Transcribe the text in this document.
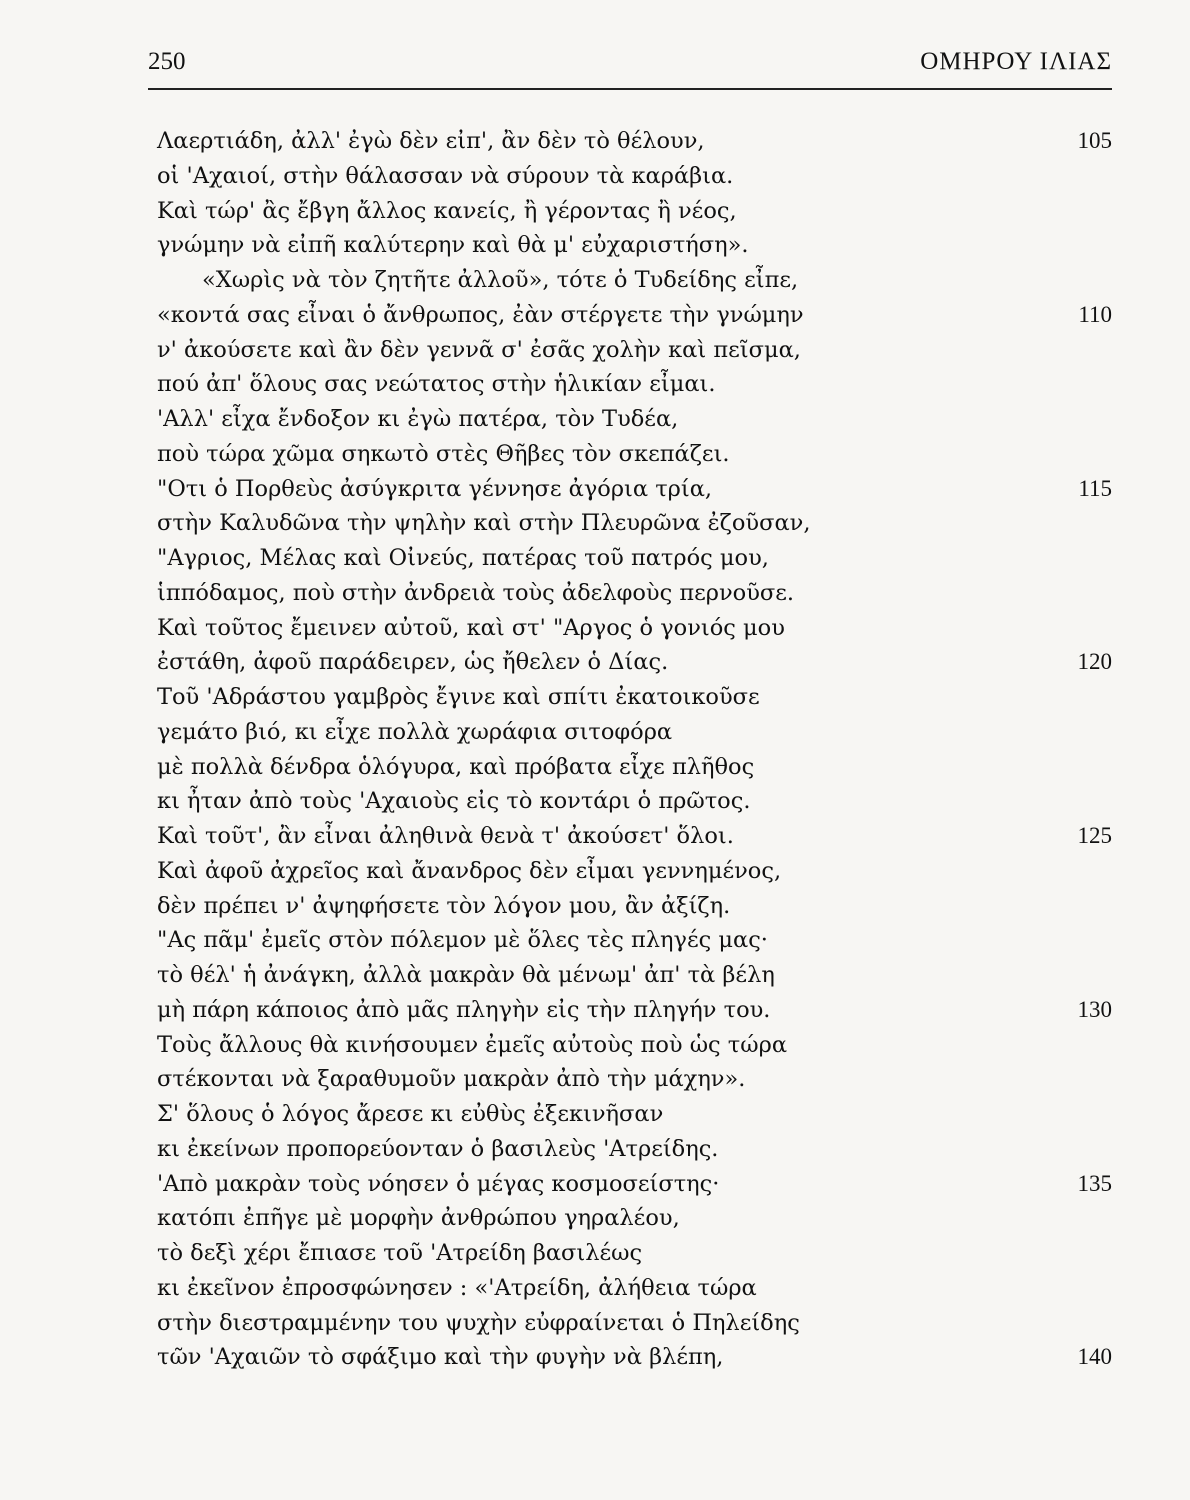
250	ΟΜΗΡΟΥ ΙΛΙΑΣ
Λαερτιάδη, ἀλλ' ἐγὼ δὲν εἰπ', ἂν δὲν τὸ θέλουν,	105
οἱ 'Αχαιοί, στὴν θάλασσαν νὰ σύρουν τὰ καράβια.
Καὶ τώρ' ἂς ἔβγη ἄλλος κανείς, ἢ γέροντας ἢ νέος,
γνώμην νὰ εἰπῆ καλύτερην καὶ θὰ μ' εὐχαριστήση».
«Χωρὶς νὰ τὸν ζητῆτε ἀλλοῦ», τότε ὁ Τυδείδης εἶπε,
«κοντά σας εἶναι ὁ ἄνθρωπος, ἐὰν στέργετε τὴν γνώμην	110
ν' ἀκούσετε καὶ ἂν δὲν γεννᾶ σ' ἐσᾶς χολὴν καὶ πεῖσμα,
πού ἀπ' ὅλους σας νεώτατος στὴν ἡλικίαν εἶμαι.
'Αλλ' εἶχα ἔνδοξον κι ἐγὼ πατέρα, τὸν Τυδέα,
ποὺ τώρα χῶμα σηκωτὸ στὲς Θῆβες τὸν σκεπάζει.
"Οτι ὁ Πορθεὺς ἀσύγκριτα γέννησε ἀγόρια τρία,	115
στὴν Καλυδῶνα τὴν ψηλὴν καὶ στὴν Πλευρῶνα ἐζοῦσαν,
"Αγριος, Μέλας καὶ Οἰνεύς, πατέρας τοῦ πατρός μου,
ἱππόδαμος, ποὺ στὴν ἀνδρειὰ τοὺς ἀδελφοὺς περνοῦσε.
Καὶ τοῦτος ἔμεινεν αὐτοῦ, καὶ στ' "Αργος ὁ γονιός μου
ἐστάθη, ἀφοῦ παράδειρεν, ὡς ἤθελεν ὁ Δίας.	120
Τοῦ 'Αδράστου γαμβρὸς ἔγινε καὶ σπίτι ἐκατοικοῦσε
γεμάτο βιό, κι εἶχε πολλὰ χωράφια σιτοφόρα
μὲ πολλὰ δένδρα ὁλόγυρα, καὶ πρόβατα εἶχε πλῆθος
κι ἦταν ἀπὸ τοὺς 'Αχαιοὺς εἰς τὸ κοντάρι ὁ πρῶτος.
Καὶ τοῦτ', ἂν εἶναι ἀληθινὰ θενὰ τ' ἀκούσετ' ὅλοι.	125
Καὶ ἀφοῦ ἀχρεῖος καὶ ἄνανδρος δὲν εἶμαι γεννημένος,
δὲν πρέπει ν' ἀψηφήσετε τὸν λόγον μου, ἂν ἀξίζη.
"Ας πᾶμ' ἐμεῖς στὸν πόλεμον μὲ ὅλες τὲς πληγές μας·
τὸ θέλ' ἡ ἀνάγκη, ἀλλὰ μακρὰν θὰ μένωμ' ἀπ' τὰ βέλη
μὴ πάρη κάποιος ἀπὸ μᾶς πληγὴν εἰς τὴν πληγήν του.	130
Τοὺς ἄλλους θὰ κινήσουμεν ἐμεῖς αὐτοὺς ποὺ ὡς τώρα
στέκονται νὰ ξαραθυμοῦν μακρὰν ἀπὸ τὴν μάχην».
Σ' ὅλους ὁ λόγος ἄρεσε κι εὐθὺς ἐξεκινῆσαν
κι ἐκείνων προπορεύονταν ὁ βασιλεὺς 'Ατρείδης.
'Απὸ μακρὰν τοὺς νόησεν ὁ μέγας κοσμοσείστης·	135
κατόπι ἐπῆγε μὲ μορφὴν ἀνθρώπου γηραλέου,
τὸ δεξὶ χέρι ἔπιασε τοῦ 'Ατρείδη βασιλέως
κι ἐκεῖνον ἐπροσφώνησεν : «'Ατρείδη, ἀλήθεια τώρα
στὴν διεστραμμένην του ψυχὴν εὐφραίνεται ὁ Πηλείδης
τῶν 'Αχαιῶν τὸ σφάξιμο καὶ τὴν φυγὴν νὰ βλέπη,	140
